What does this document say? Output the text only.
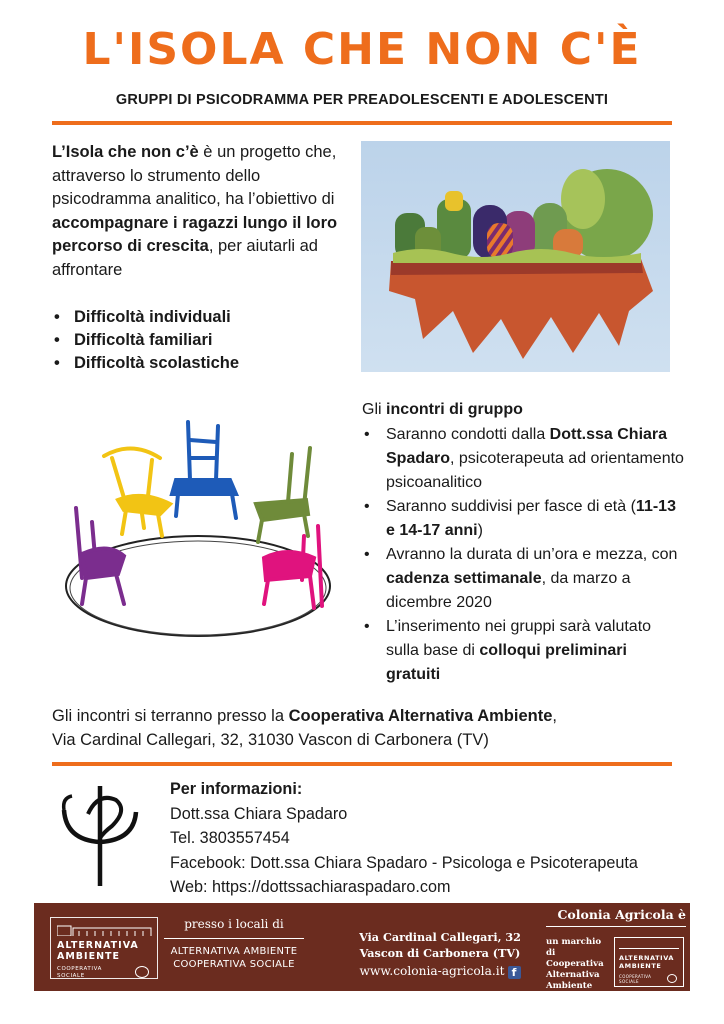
L'ISOLA CHE NON C'È
GRUPPI DI PSICODRAMMA PER PREADOLESCENTI E ADOLESCENTI
L’Isola che non c’è è un progetto che, attraverso lo strumento dello psicodramma analitico, ha l’obiettivo di accompagnare i ragazzi lungo il loro percorso di crescita, per aiutarli ad affrontare
• Difficoltà individuali
• Difficoltà familiari
• Difficoltà scolastiche
Gli incontri di gruppo
• Saranno condotti dalla Dott.ssa Chiara Spadaro, psicoterapeuta ad orientamento psicoanalitico
• Saranno suddivisi per fasce di età (11-13 e 14-17 anni)
• Avranno la durata di un’ora e mezza, con cadenza settimanale, da marzo a dicembre 2020
• L’inserimento nei gruppi sarà valutato sulla base di colloqui preliminari gratuiti
Gli incontri si terranno presso la Cooperativa Alternativa Ambiente,
Via Cardinal Callegari, 32, 31030 Vascon di Carbonera (TV)
Per informazioni:
Dott.ssa Chiara Spadaro
Tel. 3803557454
Facebook: Dott.ssa Chiara Spadaro - Psicologa e Psicoterapeuta
Web: https://dottssachiaraspadaro.com
ALTERNATIVA
AMBIENTE
COOPERATIVA
SOCIALE
presso i locali di
ALTERNATIVA AMBIENTE
COOPERATIVA SOCIALE
Via Cardinal Callegari, 32
Vascon di Carbonera (TV)
www.colonia-agricola.it f
Colonia Agricola è
un marchio di Cooperativa Alternativa Ambiente
ALTERNATIVA
AMBIENTE
COOPERATIVA
SOCIALE
